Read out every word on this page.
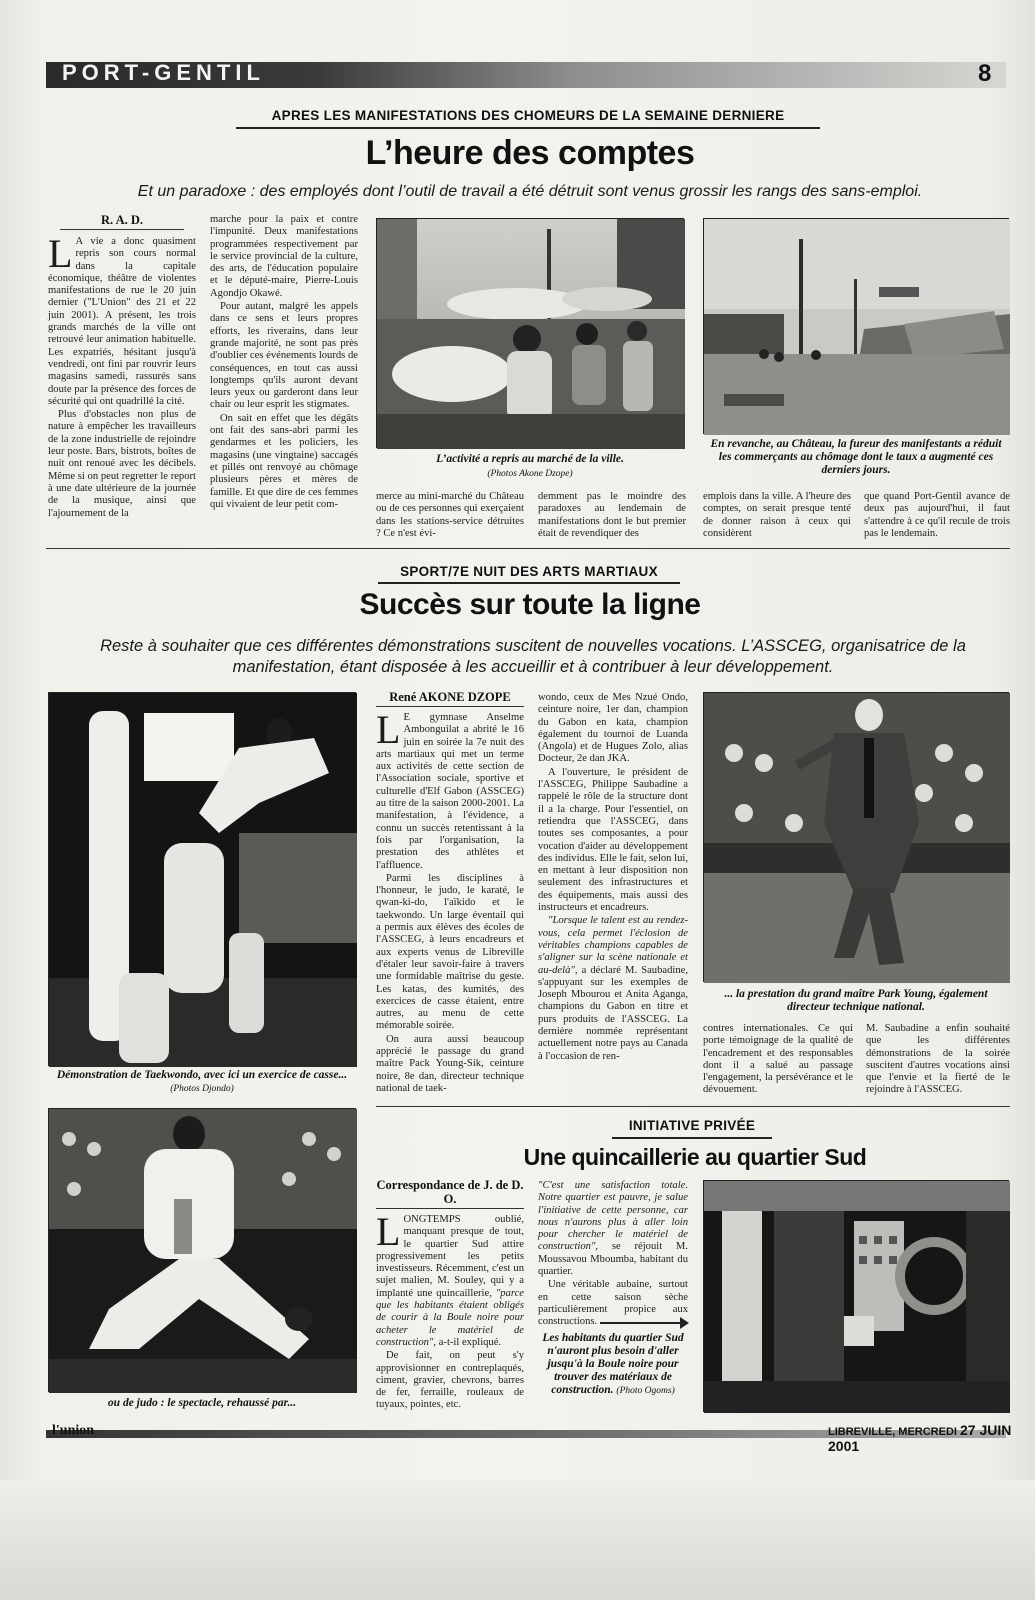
PORT-GENTIL	8
APRES LES MANIFESTATIONS DES CHOMEURS DE LA SEMAINE DERNIERE
L’heure des comptes
Et un paradoxe : des employés dont l’outil de travail a été détruit sont venus grossir les rangs des sans-emploi.
R. A. D.

L A vie a donc quasiment repris son cours normal dans la capitale économique, théâtre de violentes manifestations de rue le 20 juin dernier ("L'Union" des 21 et 22 juin 2001). A présent, les trois grands marchés de la ville ont retrouvé leur animation habituelle. Les expatriés, hésitant jusqu'à vendredi, ont fini par rouvrir leurs magasins samedi, rassurés sans doute par la présence des forces de sécurité qui ont quadrillé la cité.

Plus d'obstacles non plus de nature à empêcher les travailleurs de la zone industrielle de rejoindre leur poste. Bars, bistrots, boîtes de nuit ont renoué avec les décibels. Même si on peut regretter le report à une date ultérieure de la journée de la musique, ainsi que l'ajournement de la

marche pour la paix et contre l'impunité. Deux manifestations programmées respectivement par le service provincial de la culture, des arts, de l'éducation populaire et le député-maire, Pierre-Louis Agondjo Okawé.

Pour autant, malgré les appels dans ce sens et leurs propres efforts, les riverains, dans leur grande majorité, ne sont pas près d'oublier ces événements lourds de conséquences, en tout cas aussi longtemps qu'ils auront devant leurs yeux ou garderont dans leur chair ou leur esprit les stigmates.

On sait en effet que les dégâts ont fait des sans-abri parmi les gendarmes et les policiers, les magasins (une vingtaine) saccagés et pillés ont renvoyé au chômage plusieurs pères et mères de famille. Et que dire de ces femmes qui vivaient de leur petit com-

L’activité a repris au marché de la ville.
(Photos Akone Dzope)
En revanche, au Château, la fureur des manifestants a réduit les commerçants au chômage dont le taux a augmenté ces derniers jours.
merce au mini-marché du Château ou de ces personnes qui exerçaient dans les stations-service détruites ? Ce n'est évi-
demment pas le moindre des paradoxes au lendemain de manifestations dont le but premier était de revendiquer des
emplois dans la ville. A l'heure des comptes, on serait presque tenté de donner raison à ceux qui considèrent
que quand Port-Gentil avance de deux pas aujourd'hui, il faut s'attendre à ce qu'il recule de trois pas le lendemain.
SPORT/7E NUIT DES ARTS MARTIAUX
Succès sur toute la ligne
Reste à souhaiter que ces différentes démonstrations suscitent de nouvelles vocations. L’ASSCEG, organisatrice de la manifestation, étant disposée à les accueillir et à contribuer à leur développement.
Démonstration de Taekwondo, avec ici un exercice de casse... (Photos Djondo)
René AKONE DZOPE

L E gymnase Anselme Ambonguilat a abrité le 16 juin en soirée la 7e nuit des arts martiaux qui met un terme aux activités de cette section de l'Association sociale, sportive et culturelle d'Elf Gabon (ASSCEG) au titre de la saison 2000-2001. La manifestation, à l'évidence, a connu un succès retentissant à la fois par l'organisation, la prestation des athlètes et l'affluence.

Parmi les disciplines à l'honneur, le judo, le karaté, le qwan-ki-do, l'aïkido et le taekwondo. Un large éventail qui a permis aux élèves des écoles de l'ASSCEG, à leurs encadreurs et aux experts venus de Libreville d'étaler leur savoir-faire à travers une formidable maîtrise du geste. Les katas, des kumités, des exercices de casse étaient, entre autres, au menu de cette mémorable soirée.

On aura aussi beaucoup apprécié le passage du grand maître Pack Young-Sik, ceinture noire, 8e dan, directeur technique national de taek-

wondo, ceux de Mes Nzué Ondo, ceinture noire, 1er dan, champion du Gabon en kata, champion également du tournoi de Luanda (Angola) et de Hugues Zolo, alias Docteur, 2e dan JKA.

A l'ouverture, le président de l'ASSCEG, Philippe Saubadine a rappelé le rôle de la structure dont il a la charge. Pour l'essentiel, on retiendra que l'ASSCEG, dans toutes ses composantes, a pour vocation d'aider au développement des individus. Elle le fait, selon lui, en mettant à leur disposition non seulement des infrastructures et des équipements, mais aussi des instructeurs et encadreurs.

"Lorsque le talent est au rendez-vous, cela permet l'éclosion de véritables champions capables de s'aligner sur la scène nationale et au-delà", a déclaré M. Saubadine, s'appuyant sur les exemples de Joseph Mbourou et Anita Aganga, champions du Gabon en titre et purs produits de l'ASSCEG. La dernière nommée représentant actuellement notre pays au Canada à l'occasion de ren-

... la prestation du grand maître Park Young, également directeur technique national.
contres internationales. Ce qui porte témoignage de la qualité de l'encadrement et des responsables dont il a salué au passage l'engagement, la persévérance et le dévouement.
M. Saubadine a enfin souhaité que les différentes démonstrations de la soirée suscitent d'autres vocations ainsi que l'envie et la fierté de le rejoindre à l'ASSCEG.
ou de judo : le spectacle, rehaussé par...
INITIATIVE PRIVÉE
Une quincaillerie au quartier Sud
Correspondance de J. de D. O.

LONGTEMPS oublié, manquant presque de tout, le quartier Sud attire progressivement les petits investisseurs. Récemment, c'est un sujet malien, M. Souley, qui y a implanté une quincaillerie, "parce que les habitants étaient obligés de courir à la Boule noire pour acheter le matériel de construction", a-t-il expliqué.

De fait, on peut s'y approvisionner en contreplaqués, ciment, gravier, chevrons, barres de fer, ferraille, rouleaux de tuyaux, pointes, etc.

"C'est une satisfaction totale. Notre quartier est pauvre, je salue l'initiative de cette personne, car nous n'aurons plus à aller loin pour chercher le matériel de construction", se réjouit M. Moussavou Mboumba, habitant du quartier.

Une véritable aubaine, surtout en cette saison sèche particulièrement propice aux constructions.

Les habitants du quartier Sud n'auront plus besoin d'aller jusqu'à la Boule noire pour trouver des matériaux de construction. (Photo Ogoms)
l'union	LIBREVILLE, MERCREDI 27 JUIN 2001
